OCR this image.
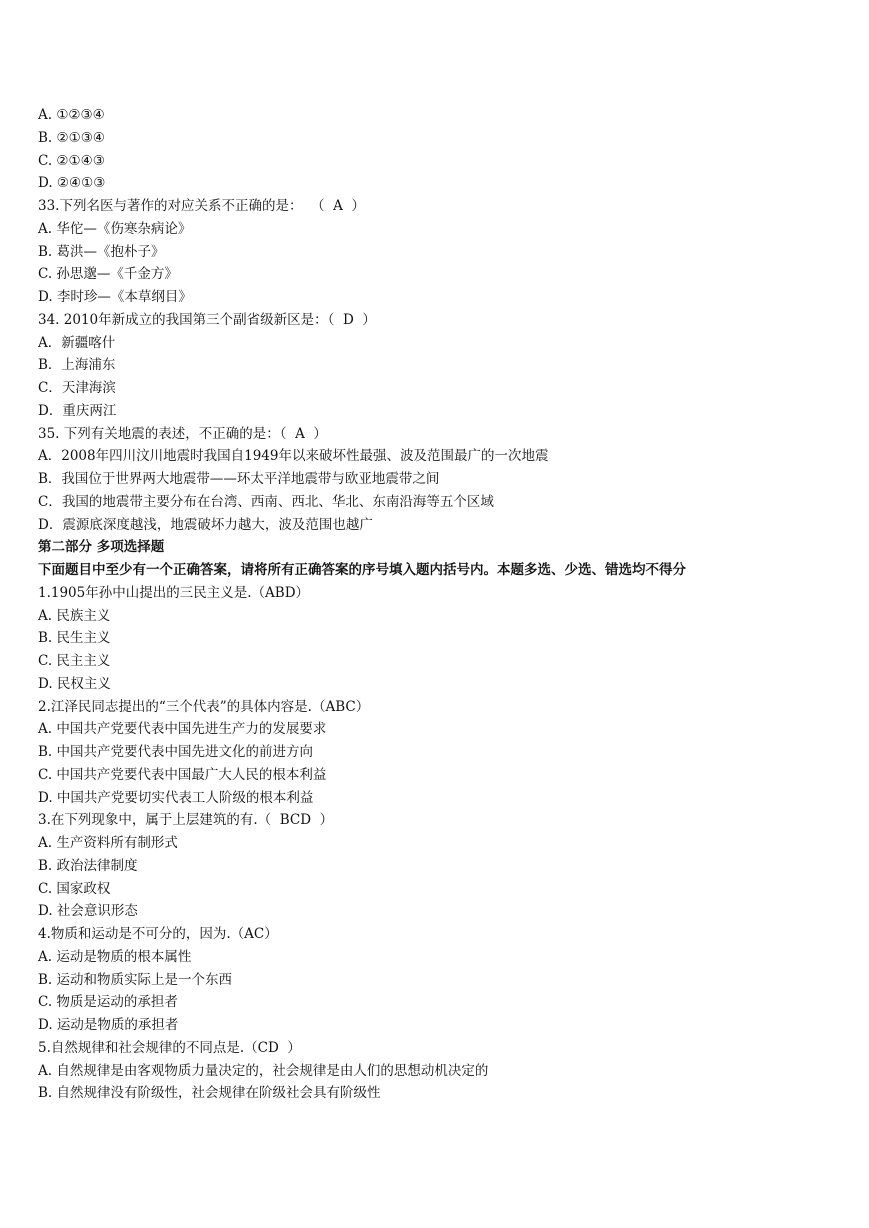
A. ①②③④
B. ②①③④
C. ②①④③
D. ②④①③
33.下列名医与著作的对应关系不正确的是：  （  A  ）
A. 华佗—《伤寒杂病论》
B. 葛洪—《抱朴子》
C. 孙思邈—《千金方》
D. 李时珍—《本草纲目》
34. 2010年新成立的我国第三个副省级新区是：（  D  ）
A．新疆喀什
B．上海浦东
C．天津海滨
D．重庆两江
35. 下列有关地震的表述，不正确的是：（  A  ）
A．2008年四川汶川地震时我国自1949年以来破坏性最强、波及范围最广的一次地震
B．我国位于世界两大地震带——环太平洋地震带与欧亚地震带之间
C．我国的地震带主要分布在台湾、西南、西北、华北、东南沿海等五个区域
D．震源底深度越浅，地震破坏力越大，波及范围也越广
第二部分 多项选择题
下面题目中至少有一个正确答案，请将所有正确答案的序号填入题内括号内。本题多选、少选、错选均不得分
1.1905年孙中山提出的三民主义是.（ABD）
A. 民族主义
B. 民生主义
C. 民主主义
D. 民权主义
2.江泽民同志提出的“三个代表”的具体内容是.（ABC）
A. 中国共产党要代表中国先进生产力的发展要求
B. 中国共产党要代表中国先进文化的前进方向
C. 中国共产党要代表中国最广大人民的根本利益
D. 中国共产党要切实代表工人阶级的根本利益
3.在下列现象中，属于上层建筑的有.（  BCD  ）
A. 生产资料所有制形式
B. 政治法律制度
C. 国家政权
D. 社会意识形态
4.物质和运动是不可分的，因为.（AC）
A. 运动是物质的根本属性
B. 运动和物质实际上是一个东西
C. 物质是运动的承担者
D. 运动是物质的承担者
5.自然规律和社会规律的不同点是.（CD  ）
A. 自然规律是由客观物质力量决定的，社会规律是由人们的思想动机决定的
B. 自然规律没有阶级性，社会规律在阶级社会具有阶级性
